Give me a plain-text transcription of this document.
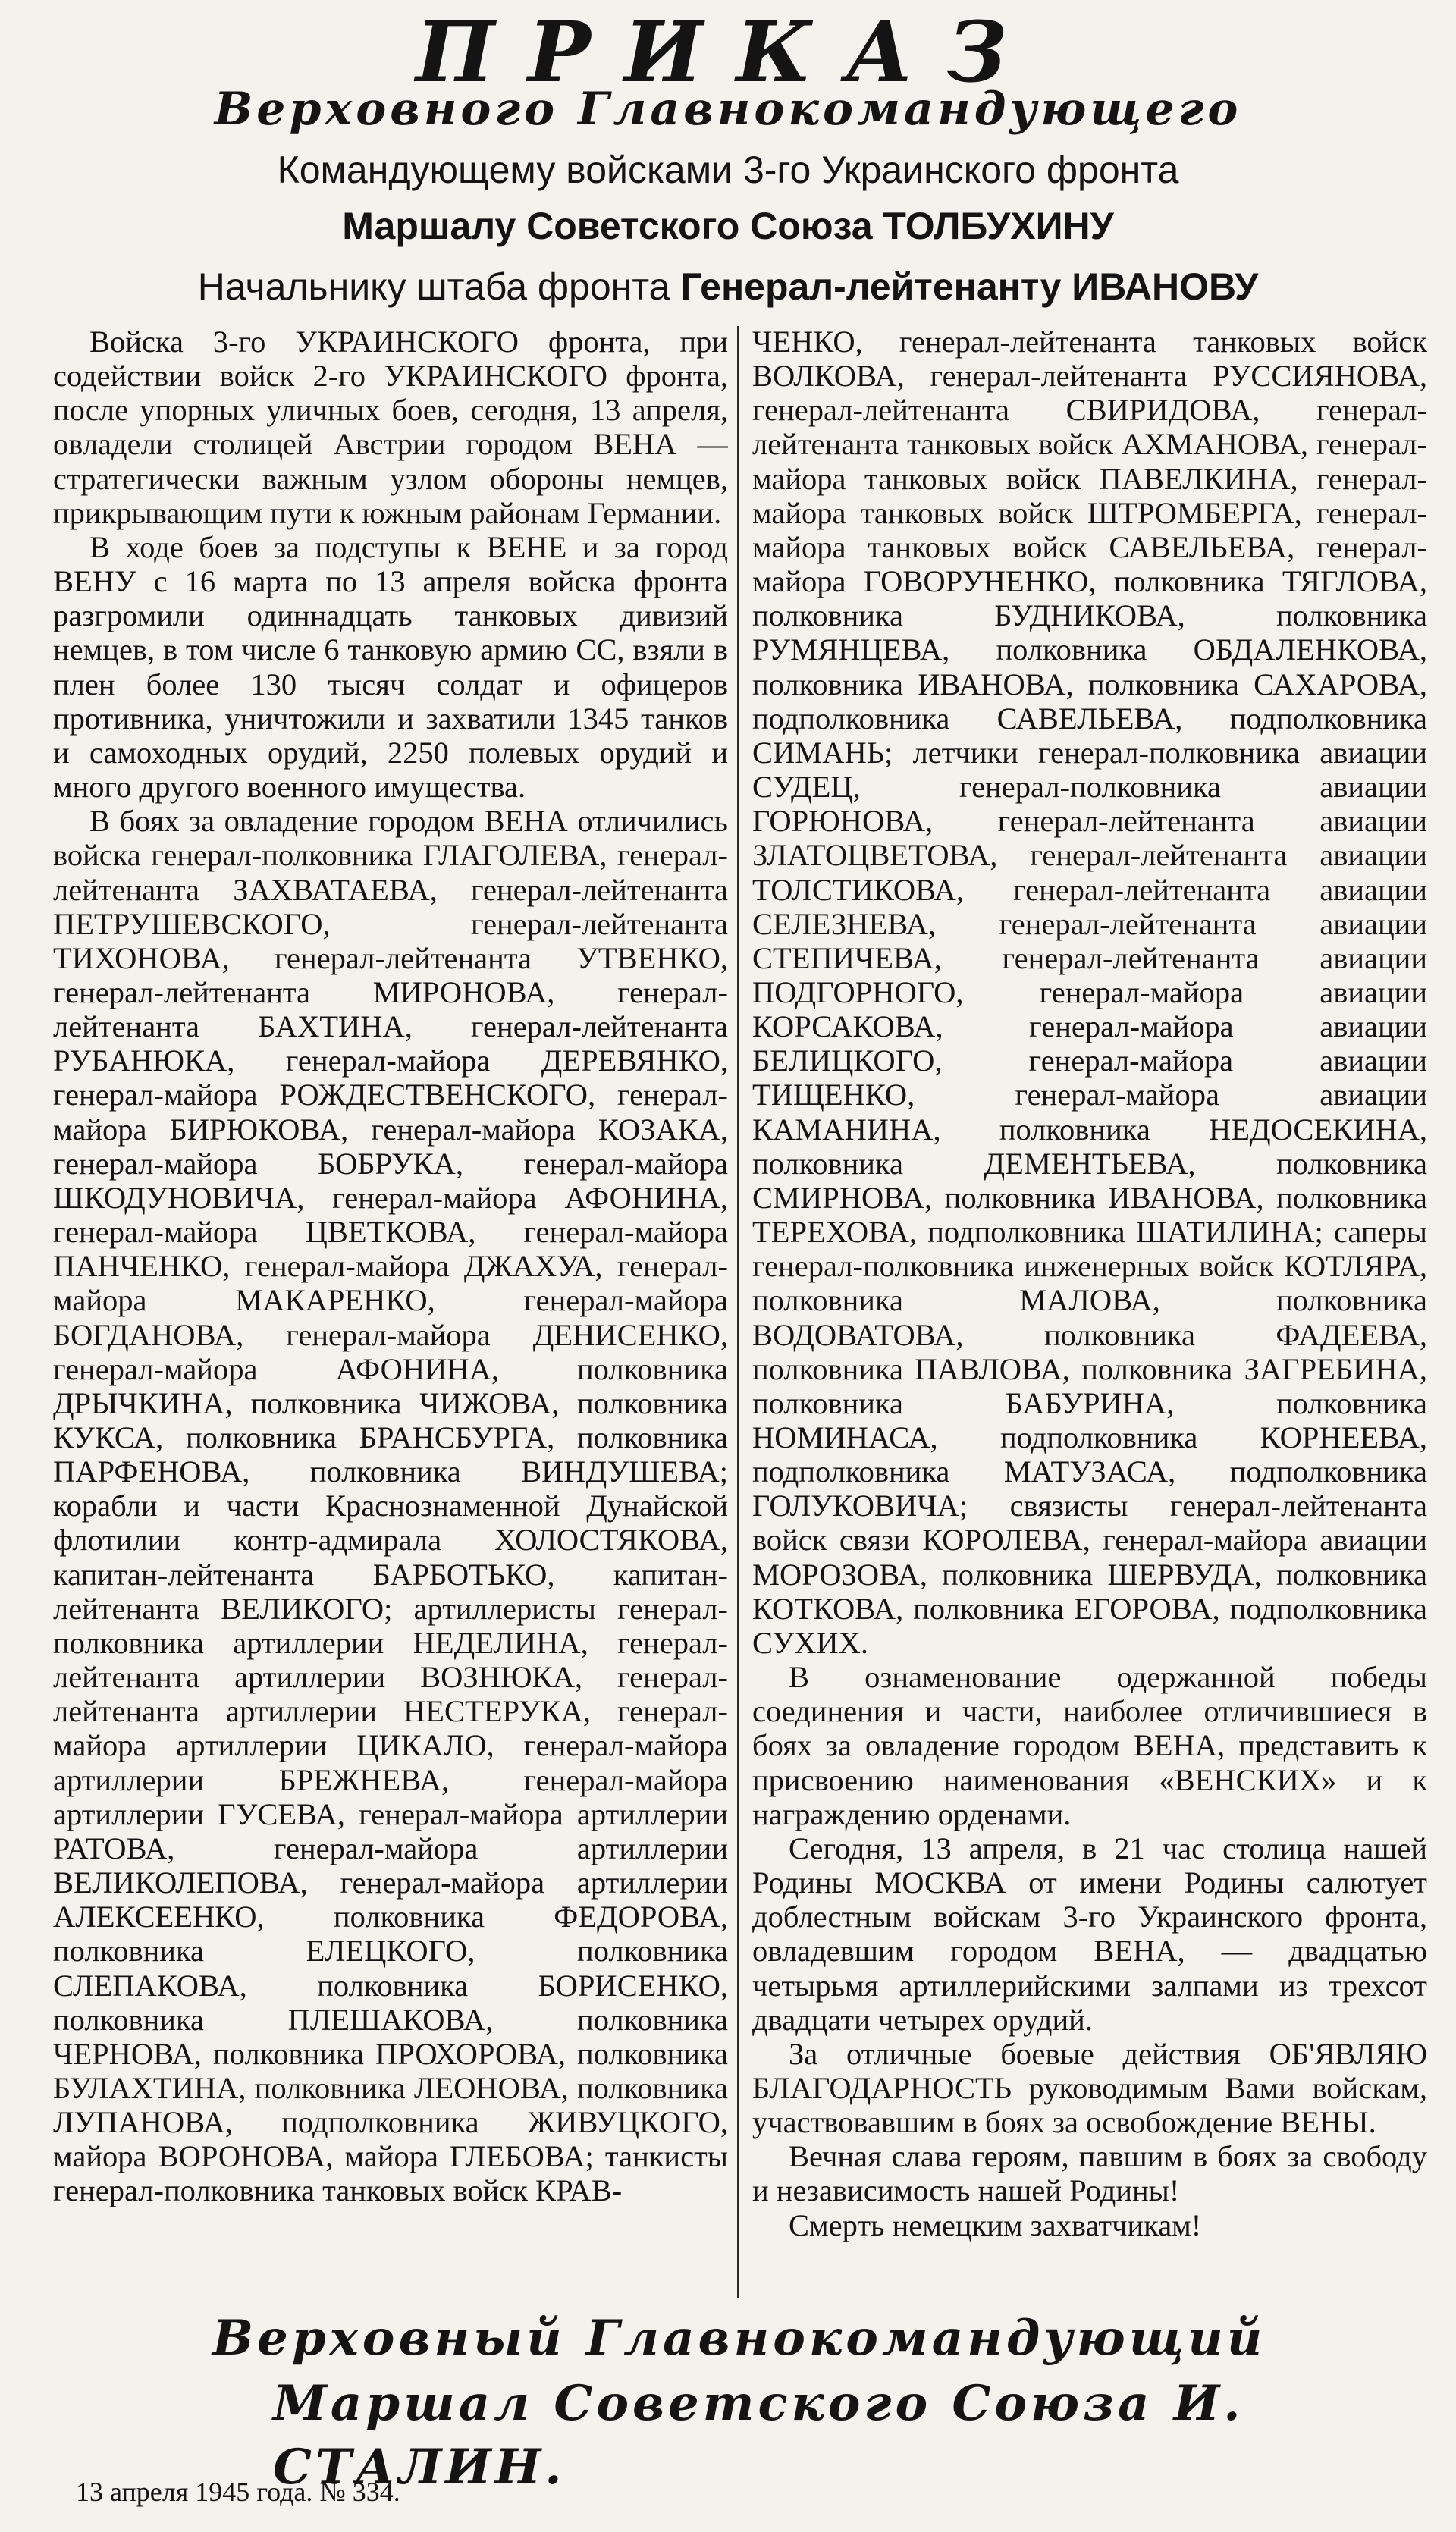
ПРИКАЗ
Верховного Главнокомандующего
Командующему войсками 3-го Украинского фронта
Маршалу Советского Союза ТОЛБУХИНУ
Начальнику штаба фронта Генерал-лейтенанту ИВАНОВУ

Войска 3-го УКРАИНСКОГО фронта, при содействии войск 2-го УКРАИНСКОГО фронта, после упорных уличных боев, сегодня, 13 апреля, овладели столицей Австрии городом ВЕНА — стратегически важным узлом обороны немцев, прикрывающим пути к южным районам Германии.

В ходе боев за подступы к ВЕНЕ и за город ВЕНУ с 16 марта по 13 апреля войска фронта разгромили одиннадцать танковых дивизий немцев, в том числе 6 танковую армию СС, взяли в плен более 130 тысяч солдат и офицеров противника, уничтожили и захватили 1345 танков и самоходных орудий, 2250 полевых орудий и много другого военного имущества.

В боях за овладение городом ВЕНА отличились войска генерал-полковника ГЛАГОЛЕВА, генерал-лейтенанта ЗАХВАТАЕВА, генерал-лейтенанта ПЕТРУШЕВСКОГО, генерал-лейтенанта ТИХОНОВА, генерал-лейтенанта УТВЕНКО, генерал-лейтенанта МИРОНОВА, генерал-лейтенанта БАХТИНА, генерал-лейтенанта РУБАНЮКА, генерал-майора ДЕРЕВЯНКО, генерал-майора РОЖДЕСТВЕНСКОГО, генерал-майора БИРЮКОВА, генерал-майора КОЗАКА, генерал-майора БОБРУКА, генерал-майора ШКОДУНОВИЧА, генерал-майора АФОНИНА, генерал-майора ЦВЕТКОВА, генерал-майора ПАНЧЕНКО, генерал-майора ДЖАХУА, генерал-майора МАКАРЕНКО, генерал-майора БОГДАНОВА, генерал-майора ДЕНИСЕНКО, генерал-майора АФОНИНА, полковника ДРЫЧКИНА, полковника ЧИЖОВА, полковника КУКСА, полковника БРАНСБУРГА, полковника ПАРФЕНОВА, полковника ВИНДУШЕВА; корабли и части Краснознаменной Дунайской флотилии контр-адмирала ХОЛОСТЯКОВА, капитан-лейтенанта БАРБОТЬКО, капитан-лейтенанта ВЕЛИКОГО; артиллеристы генерал-полковника артиллерии НЕДЕЛИНА, генерал-лейтенанта артиллерии ВОЗНЮКА, генерал-лейтенанта артиллерии НЕСТЕРУКА, генерал-майора артиллерии ЦИКАЛО, генерал-майора артиллерии БРЕЖНЕВА, генерал-майора артиллерии ГУСЕВА, генерал-майора артиллерии РАТОВА, генерал-майора артиллерии ВЕЛИКОЛЕПОВА, генерал-майора артиллерии АЛЕКСЕЕНКО, полковника ФЕДОРОВА, полковника ЕЛЕЦКОГО, полковника СЛЕПАКОВА, полковника БОРИСЕНКО, полковника ПЛЕШАКОВА, полковника ЧЕРНОВА, полковника ПРОХОРОВА, полковника БУЛАХТИНА, полковника ЛЕОНОВА, полковника ЛУПАНОВА, подполковника ЖИВУЦКОГО, майора ВОРОНОВА, майора ГЛЕБОВА; танкисты генерал-полковника танковых войск КРАВ-

ЧЕНКО, генерал-лейтенанта танковых войск ВОЛКОВА, генерал-лейтенанта РУССИЯНОВА, генерал-лейтенанта СВИРИДОВА, генерал-лейтенанта танковых войск АХМАНОВА, генерал-майора танковых войск ПАВЕЛКИНА, генерал-майора танковых войск ШТРОМБЕРГА, генерал-майора танковых войск САВЕЛЬЕВА, генерал-майора ГОВОРУНЕНКО, полковника ТЯГЛОВА, полковника БУДНИКОВА, полковника РУМЯНЦЕВА, полковника ОБДАЛЕНКОВА, полковника ИВАНОВА, полковника САХАРОВА, подполковника САВЕЛЬЕВА, подполковника СИМАНЬ; летчики генерал-полковника авиации СУДЕЦ, генерал-полковника авиации ГОРЮНОВА, генерал-лейтенанта авиации ЗЛАТОЦВЕТОВА, генерал-лейтенанта авиации ТОЛСТИКОВА, генерал-лейтенанта авиации СЕЛЕЗНЕВА, генерал-лейтенанта авиации СТЕПИЧЕВА, генерал-лейтенанта авиации ПОДГОРНОГО, генерал-майора авиации КОРСАКОВА, генерал-майора авиации БЕЛИЦКОГО, генерал-майора авиации ТИЩЕНКО, генерал-майора авиации КАМАНИНА, полковника НЕДОСЕКИНА, полковника ДЕМЕНТЬЕВА, полковника СМИРНОВА, полковника ИВАНОВА, полковника ТЕРЕХОВА, подполковника ШАТИЛИНА; саперы генерал-полковника инженерных войск КОТЛЯРА, полковника МАЛОВА, полковника ВОДОВАТОВА, полковника ФАДЕЕВА, полковника ПАВЛОВА, полковника ЗАГРЕБИНА, полковника БАБУРИНА, полковника НОМИНАСА, подполковника КОРНЕЕВА, подполковника МАТУЗАСА, подполковника ГОЛУКОВИЧА; связисты генерал-лейтенанта войск связи КОРОЛЕВА, генерал-майора авиации МОРОЗОВА, полковника ШЕРВУДА, полковника КОТКОВА, полковника ЕГОРОВА, подполковника СУХИХ.

В ознаменование одержанной победы соединения и части, наиболее отличившиеся в боях за овладение городом ВЕНА, представить к присвоению наименования «ВЕНСКИХ» и к награждению орденами.

Сегодня, 13 апреля, в 21 час столица нашей Родины МОСКВА от имени Родины салютует доблестным войскам 3-го Украинского фронта, овладевшим городом ВЕНА, — двадцатью четырьмя артиллерийскими залпами из трехсот двадцати четырех орудий.

За отличные боевые действия ОБ'ЯВЛЯЮ БЛАГОДАРНОСТЬ руководимым Вами войскам, участвовавшим в боях за освобождение ВЕНЫ.

Вечная слава героям, павшим в боях за свободу и независимость нашей Родины!

Смерть немецким захватчикам!

Верховный Главнокомандующий
Маршал Советского Союза И. СТАЛИН.
13 апреля 1945 года. № 334.
